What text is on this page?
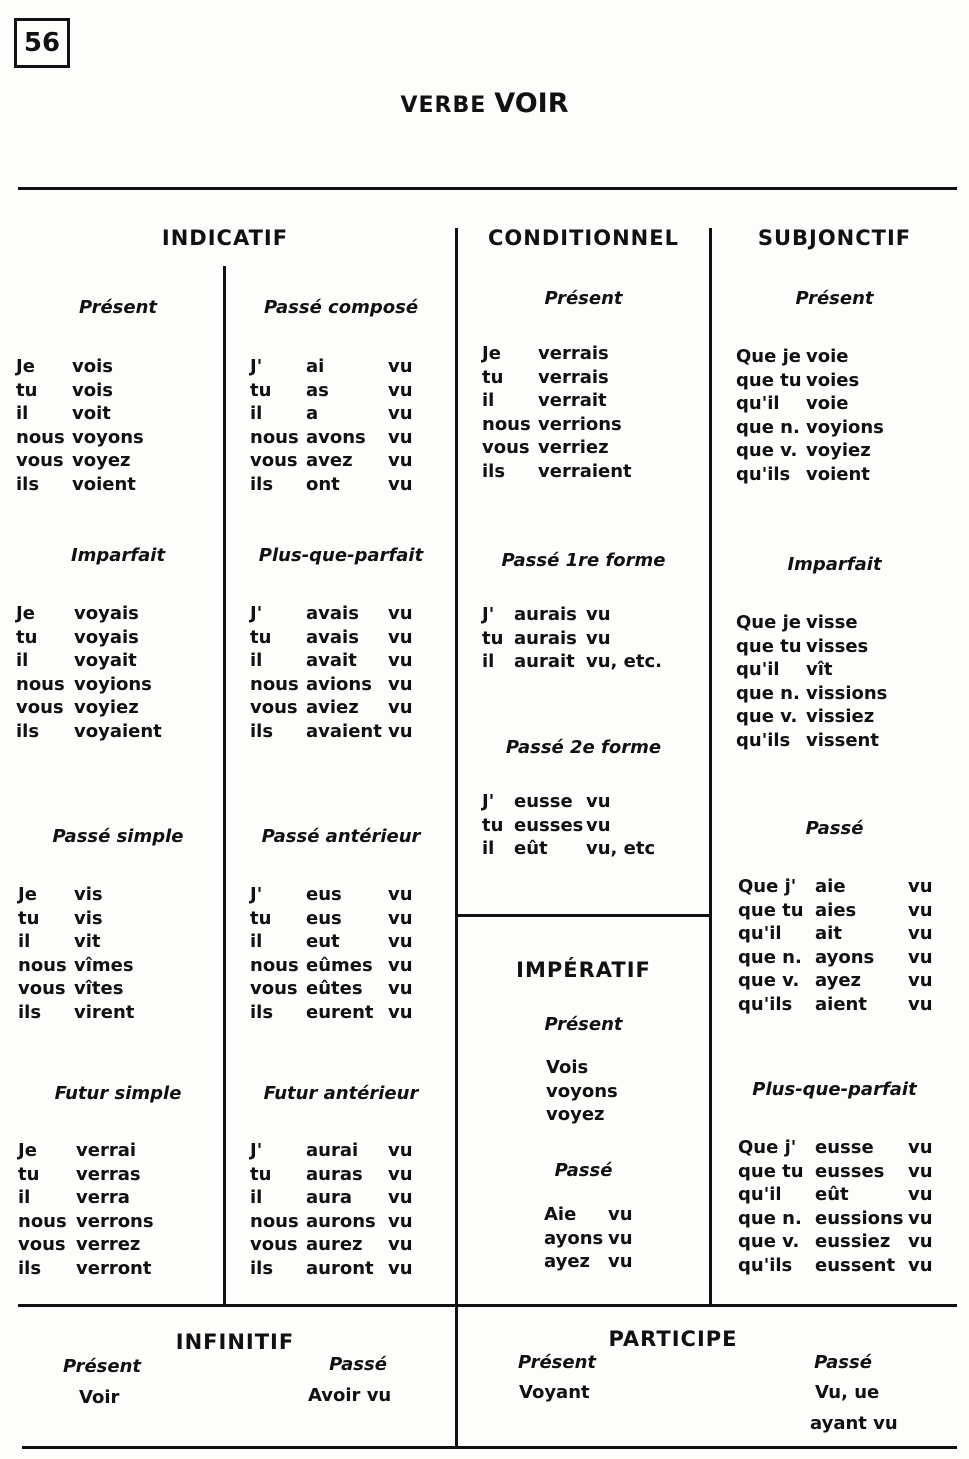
56
VERBE VOIR
INDICATIF	CONDITIONNEL	SUBJONCTIF
IMPÉRATIF
Présent
Je	vois
tu	vois
il	voit
nous voyons
vous voyez
ils	voient
Imparfait
Je	voyais
tu	voyais
il	voyait
nous voyions
vous voyiez
ils	voyaient
Passé simple
Je	vis
tu	vis
il	vit
nous vîmes
vous vîtes
ils	virent
Futur simple
Je	verrai
tu	verras
il	verra
nous verrons
vous verrez
ils	verront
Passé composé
J'	ai	vu
tu	as	vu
il	a	vu
nous avons	vu
vous avez	vu
ils	ont	vu
Plus-que-parfait
J'	avais	vu
tu	avais	vu
il	avait	vu
nous avions vu
vous aviez	vu
ils	avaient vu
Passé antérieur
J'	eus	vu
tu	eus	vu
il	eut	vu
nous eûmes vu
vous eûtes	vu
ils	eurent vu
Futur antérieur
J'	aurai	vu
tu	auras	vu
il	aura	vu
nous aurons vu
vous aurez	vu
ils	auront vu
Présent
Je	verrais
tu	verrais
il	verrait
nous verrions
vous verriez
ils	verraient
Passé 1re forme
J'	aurais vu
tu aurais vu
il	aurait vu, etc.
Passé 2e forme
J'	eusse vu
tu eusses vu
il	eût	vu, etc
Présent
Vois
voyons
voyez
Passé
Aie	vu
ayons vu
ayez vu
Présent
Que je voie
que tu voies
qu'il	voie
que n. voyions
que v. voyiez
qu'ils voient
Imparfait
Que je visse
que tu visses
qu'il	vît
que n. vissions
que v. vissiez
qu'ils vissent
Passé
Que j'	aie	vu
que tu aies	vu
qu'il	ait	vu
que n. ayons	vu
que v. ayez	vu
qu'ils	aient	vu
Plus-que-parfait
Que j'	eusse	vu
que tu eusses	vu
qu'il	eût	vu
que n. eussions vu
que v. eussiez vu
qu'ils	eussent vu
INFINITIF
Présent
Voir
Passé
Avoir vu
PARTICIPE
Présent
Voyant
Passé
Vu, ue
ayant vu
